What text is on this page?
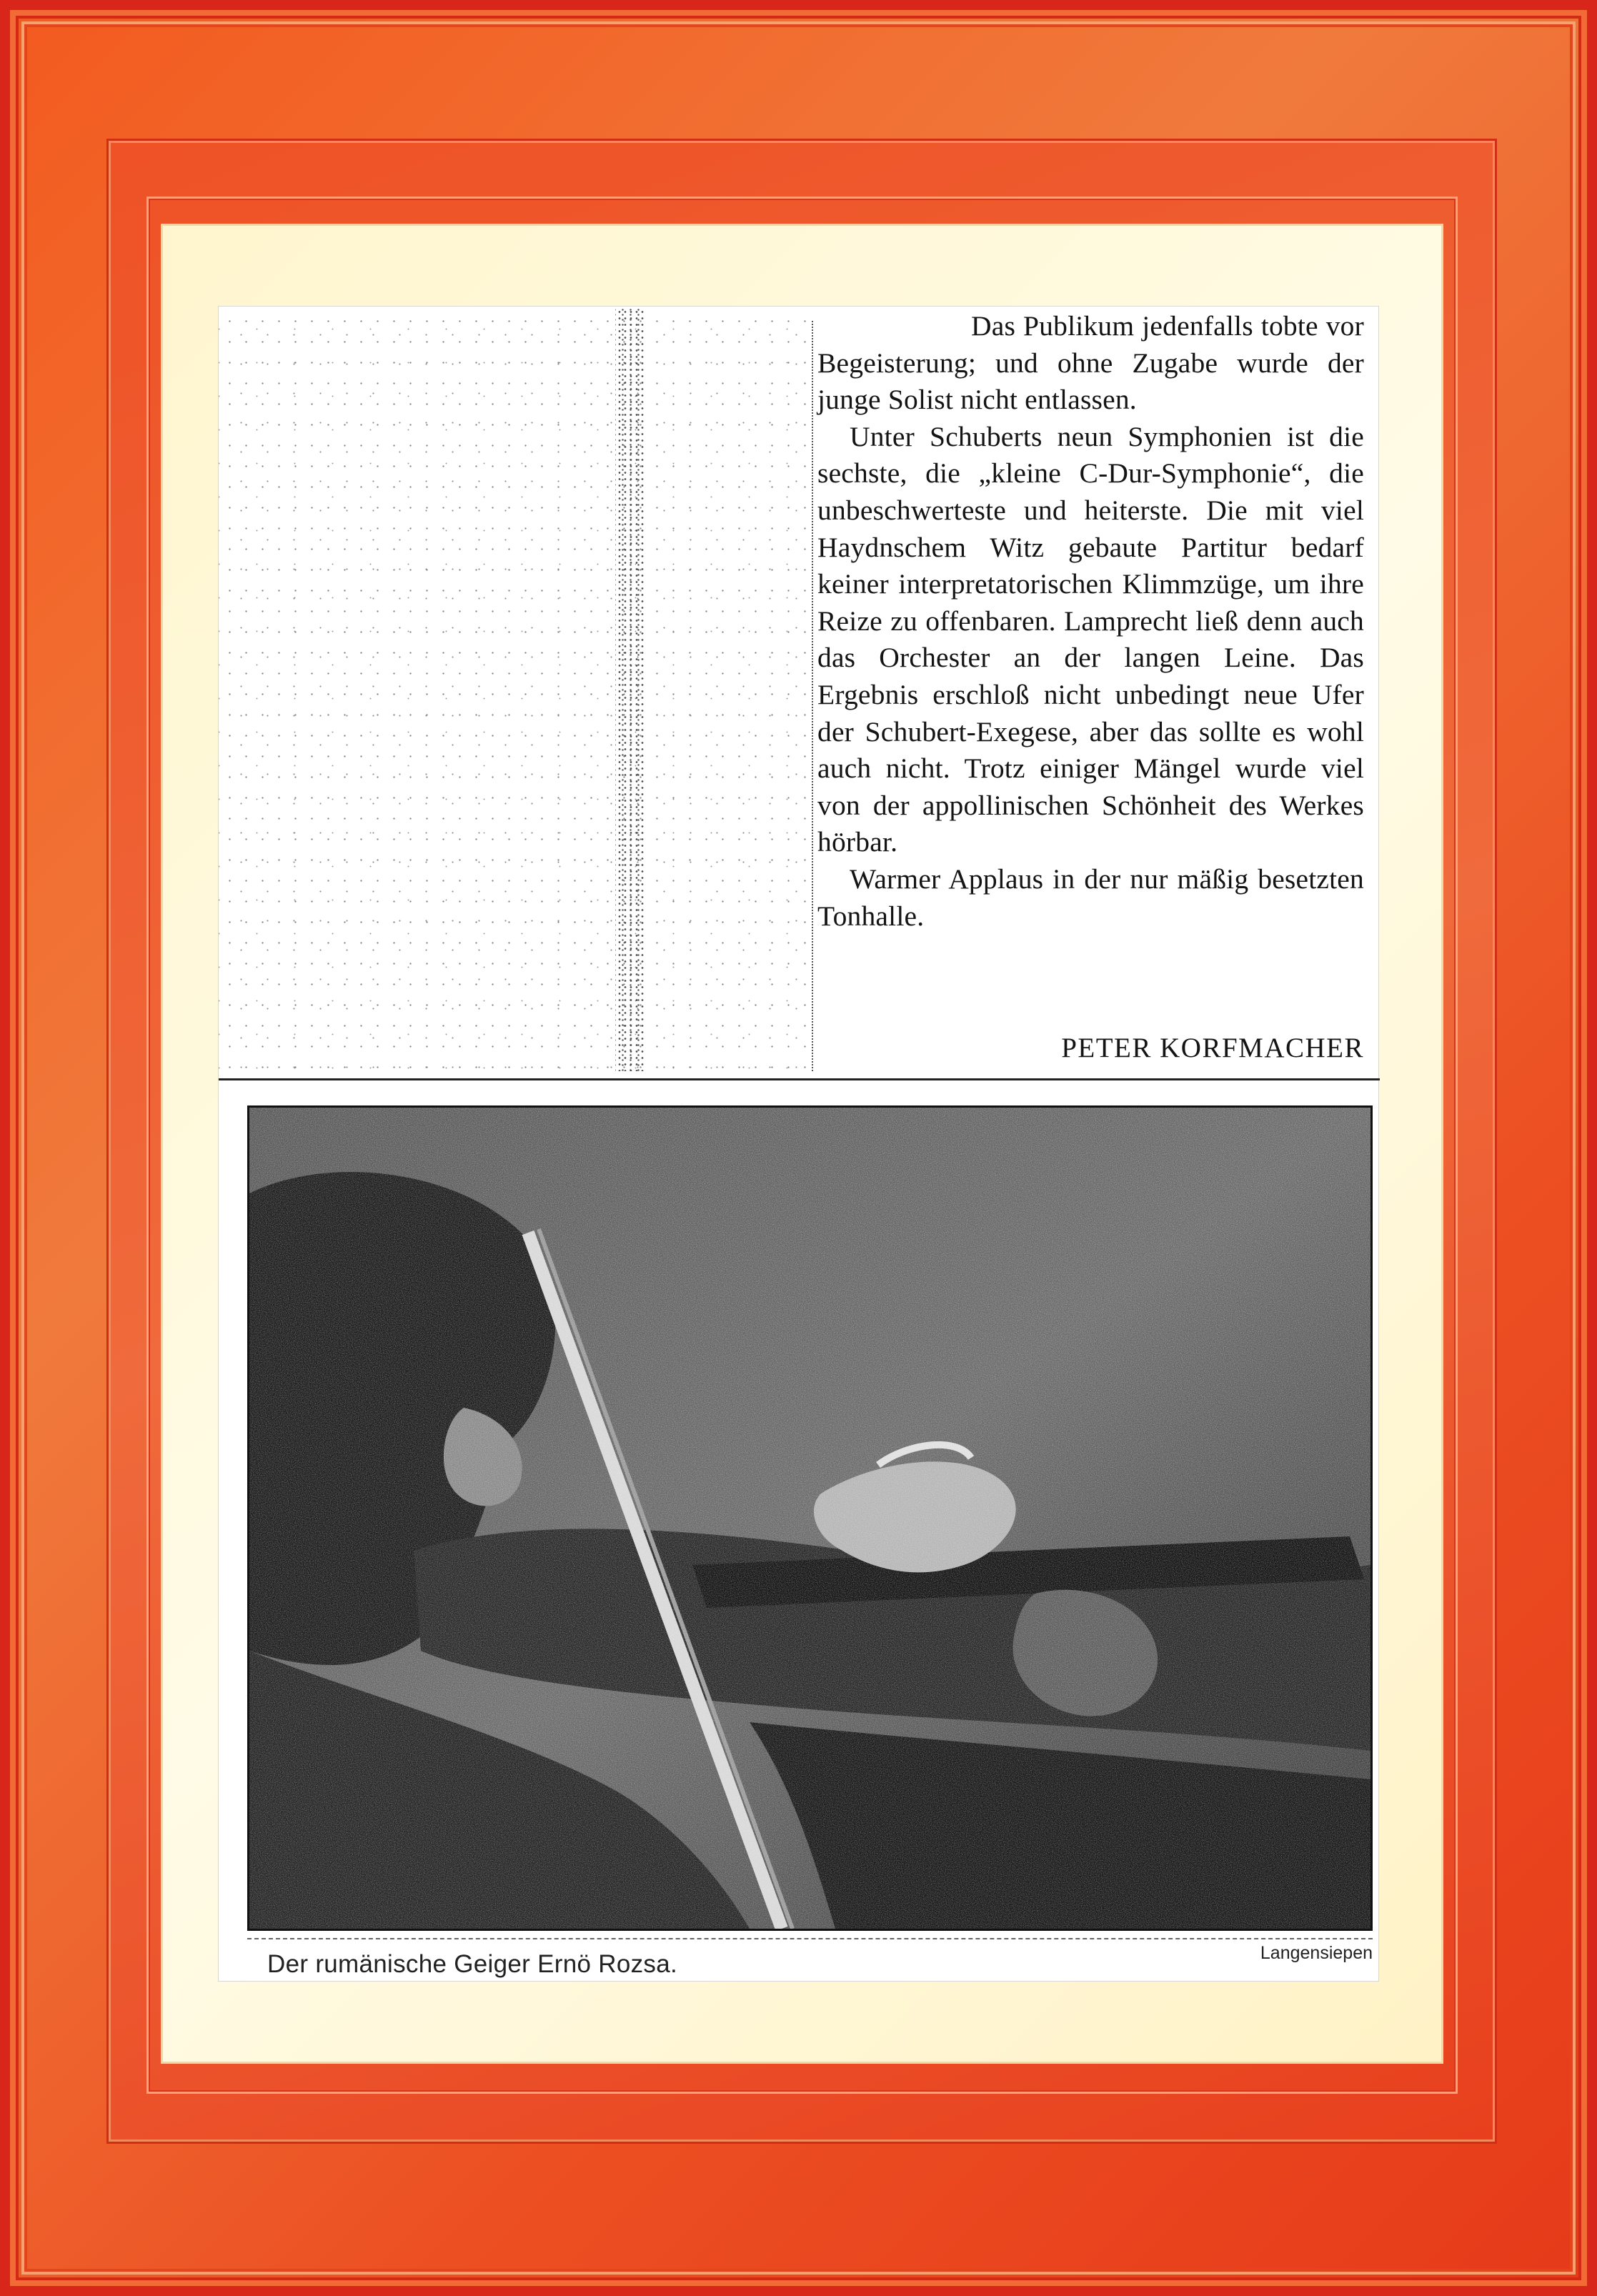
Das Publikum jedenfalls tobte vor Begeisterung; und ohne Zugabe wurde der junge Solist nicht entlassen.

Unter Schuberts neun Symphonien ist die sechste, die „kleine C-Dur-Symphonie“, die unbeschwerteste und heiterste. Die mit viel Haydnschem Witz gebaute Partitur bedarf keiner interpretatorischen Klimmzüge, um ihre Reize zu offenbaren. Lamprecht ließ denn auch das Orchester an der langen Leine. Das Ergebnis erschloß nicht unbedingt neue Ufer der Schubert-Exegese, aber das sollte es wohl auch nicht. Trotz einiger Mängel wurde viel von der appollinischen Schönheit des Werkes hörbar.

Warmer Applaus in der nur mäßig besetzten Tonhalle.

PETER KORFMACHER
Der rumänische Geiger Ernö Rozsa.	Langensiepen
